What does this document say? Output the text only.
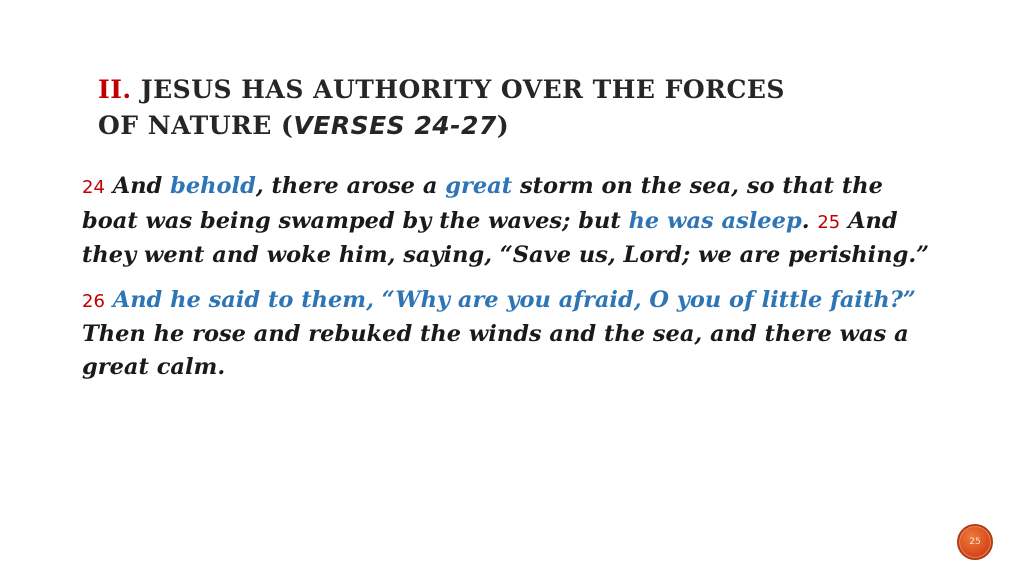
II. JESUS HAS AUTHORITY OVER THE FORCES OF NATURE (VERSES 24-27)

24 And behold, there arose a great storm on the sea, so that the boat was being swamped by the waves; but he was asleep. 25 And they went and woke him, saying, “Save us, Lord; we are perishing.”

26 And he said to them, “Why are you afraid, O you of little faith?” Then he rose and rebuked the winds and the sea, and there was a great calm.

25
